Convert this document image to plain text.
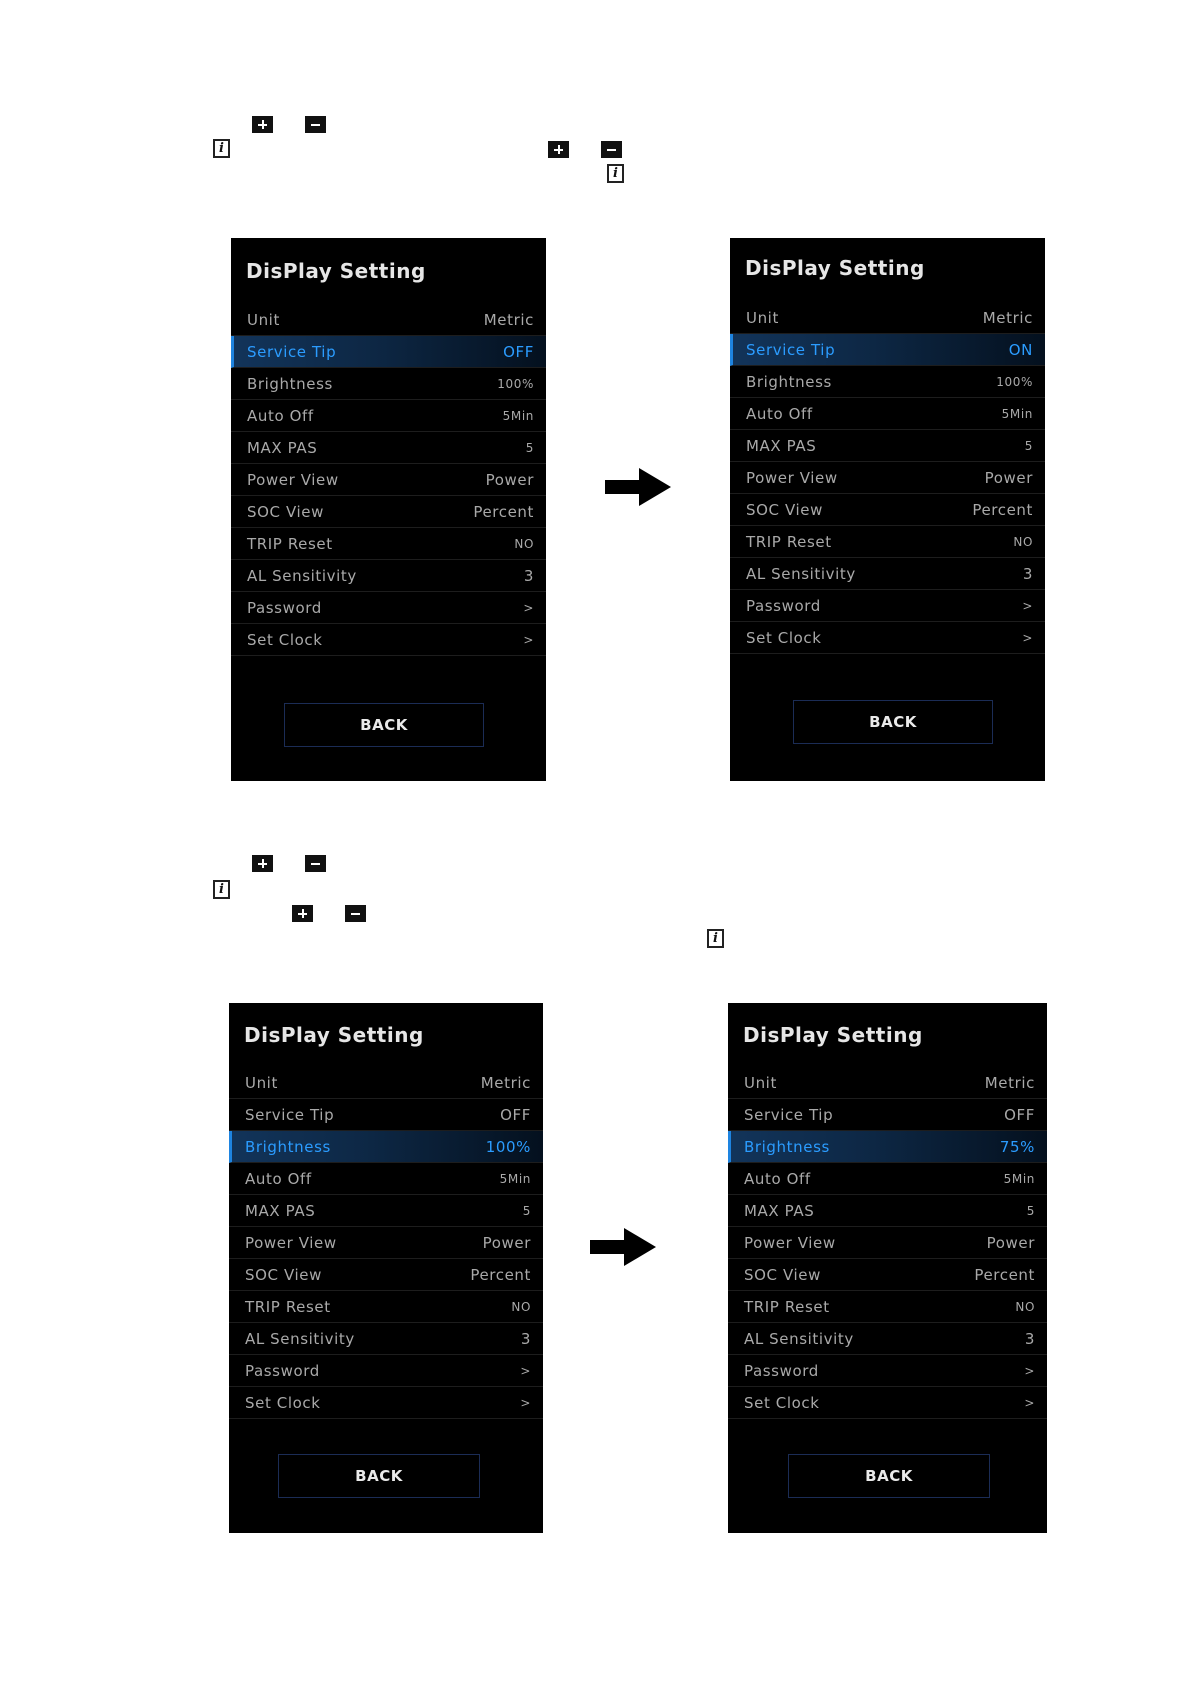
i
i
DisPlay Setting
Unit	Metric
Service Tip	OFF
Brightness	100%
Auto Off	5Min
MAX PAS	5
Power View	Power
SOC View	Percent
TRIP Reset	NO
AL Sensitivity	3
Password	>
Set Clock	>
BACK
DisPlay Setting
Unit	Metric
Service Tip	ON
Brightness	100%
Auto Off	5Min
MAX PAS	5
Power View	Power
SOC View	Percent
TRIP Reset	NO
AL Sensitivity	3
Password	>
Set Clock	>
BACK
i
i
DisPlay Setting
Unit	Metric
Service Tip	OFF
Brightness	100%
Auto Off	5Min
MAX PAS	5
Power View	Power
SOC View	Percent
TRIP Reset	NO
AL Sensitivity	3
Password	>
Set Clock	>
BACK
DisPlay Setting
Unit	Metric
Service Tip	OFF
Brightness	75%
Auto Off	5Min
MAX PAS	5
Power View	Power
SOC View	Percent
TRIP Reset	NO
AL Sensitivity	3
Password	>
Set Clock	>
BACK
